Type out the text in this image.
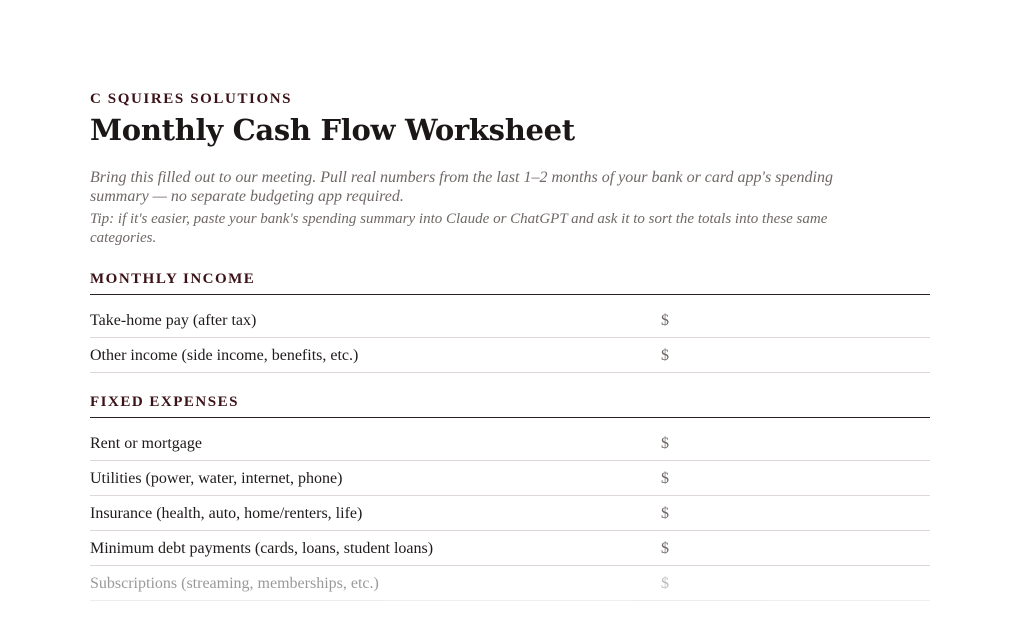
C SQUIRES SOLUTIONS

Monthly Cash Flow Worksheet

Bring this filled out to our meeting. Pull real numbers from the last 1–2 months of your bank or card app's spending summary — no separate budgeting app required.

Tip: if it's easier, paste your bank's spending summary into Claude or ChatGPT and ask it to sort the totals into these same categories.

MONTHLY INCOME
Take-home pay (after tax)	$
Other income (side income, benefits, etc.)	$
FIXED EXPENSES
Rent or mortgage	$
Utilities (power, water, internet, phone)	$
Insurance (health, auto, home/renters, life)	$
Minimum debt payments (cards, loans, student loans)	$
Subscriptions (streaming, memberships, etc.)	$
